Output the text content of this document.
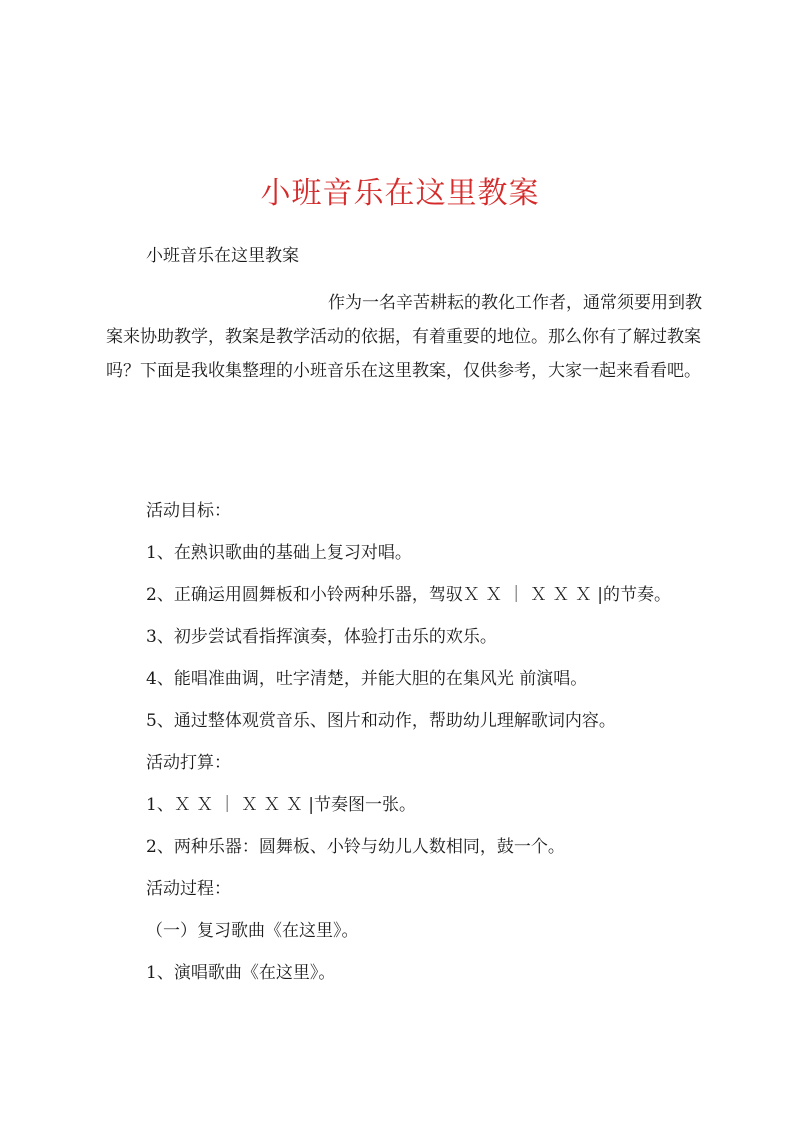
小班音乐在这里教案
小班音乐在这里教案
作为一名辛苦耕耘的教化工作者，通常须要用到教案来协助教学，教案是教学活动的依据，有着重要的地位。那么你有了解过教案吗？下面是我收集整理的小班音乐在这里教案，仅供参考，大家一起来看看吧。
活动目标：
1、在熟识歌曲的基础上复习对唱。
2、正确运用圆舞板和小铃两种乐器，驾驭Ｘ Ｘ ｜ Ｘ Ｘ Ｘ |的节奏。
3、初步尝试看指挥演奏，体验打击乐的欢乐。
4、能唱准曲调，吐字清楚，并能大胆的在集风光 前演唱。
5、通过整体观赏音乐、图片和动作，帮助幼儿理解歌词内容。
活动打算：
1、Ｘ Ｘ ｜ Ｘ Ｘ Ｘ |节奏图一张。
2、两种乐器：圆舞板、小铃与幼儿人数相同，鼓一个。
活动过程：
（一）复习歌曲《在这里》。
1、演唱歌曲《在这里》。
